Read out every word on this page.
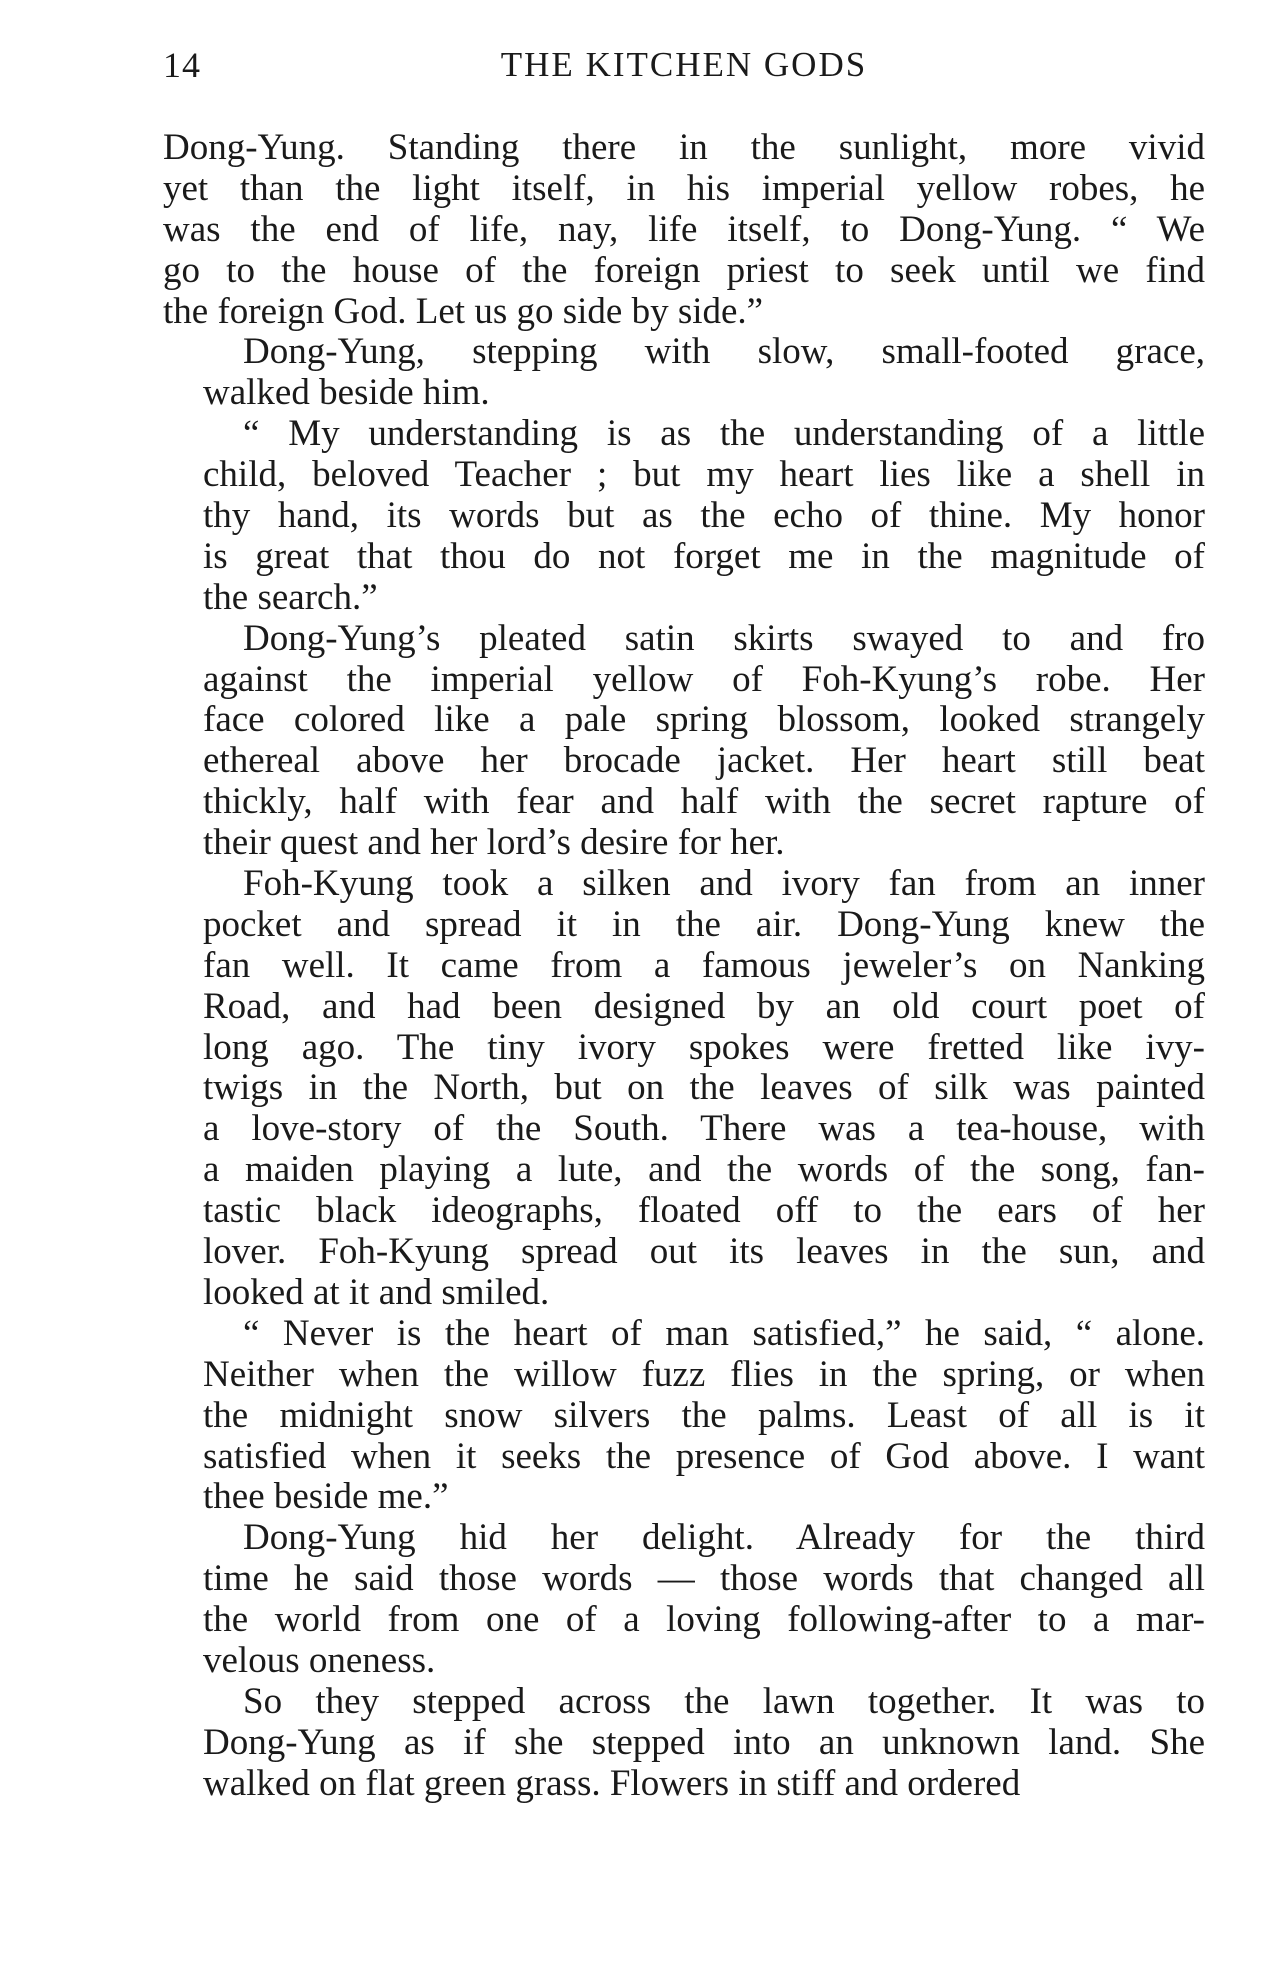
14	THE KITCHEN GODS
Dong-Yung. Standing there in the sunlight, more vivid
yet than the light itself, in his imperial yellow robes, he
was the end of life, nay, life itself, to Dong-Yung. “ We
go to the house of the foreign priest to seek until we find
the foreign God. Let us go side by side.”
Dong-Yung, stepping with slow, small-footed grace,
walked beside him.
“ My understanding is as the understanding of a little
child, beloved Teacher ; but my heart lies like a shell in
thy hand, its words but as the echo of thine. My honor
is great that thou do not forget me in the magnitude of
the search.”
Dong-Yung’s pleated satin skirts swayed to and fro
against the imperial yellow of Foh-Kyung’s robe. Her
face colored like a pale spring blossom, looked strangely
ethereal above her brocade jacket. Her heart still beat
thickly, half with fear and half with the secret rapture of
their quest and her lord’s desire for her.
Foh-Kyung took a silken and ivory fan from an inner
pocket and spread it in the air. Dong-Yung knew the
fan well. It came from a famous jeweler’s on Nanking
Road, and had been designed by an old court poet of
long ago. The tiny ivory spokes were fretted like ivy-
twigs in the North, but on the leaves of silk was painted
a love-story of the South. There was a tea-house, with
a maiden playing a lute, and the words of the song, fan-
tastic black ideographs, floated off to the ears of her
lover. Foh-Kyung spread out its leaves in the sun, and
looked at it and smiled.
“ Never is the heart of man satisfied,” he said, “ alone.
Neither when the willow fuzz flies in the spring, or when
the midnight snow silvers the palms. Least of all is it
satisfied when it seeks the presence of God above. I want
thee beside me.”
Dong-Yung hid her delight. Already for the third
time he said those words — those words that changed all
the world from one of a loving following-after to a mar-
velous oneness.
So they stepped across the lawn together. It was to
Dong-Yung as if she stepped into an unknown land. She
walked on flat green grass. Flowers in stiff and ordered
